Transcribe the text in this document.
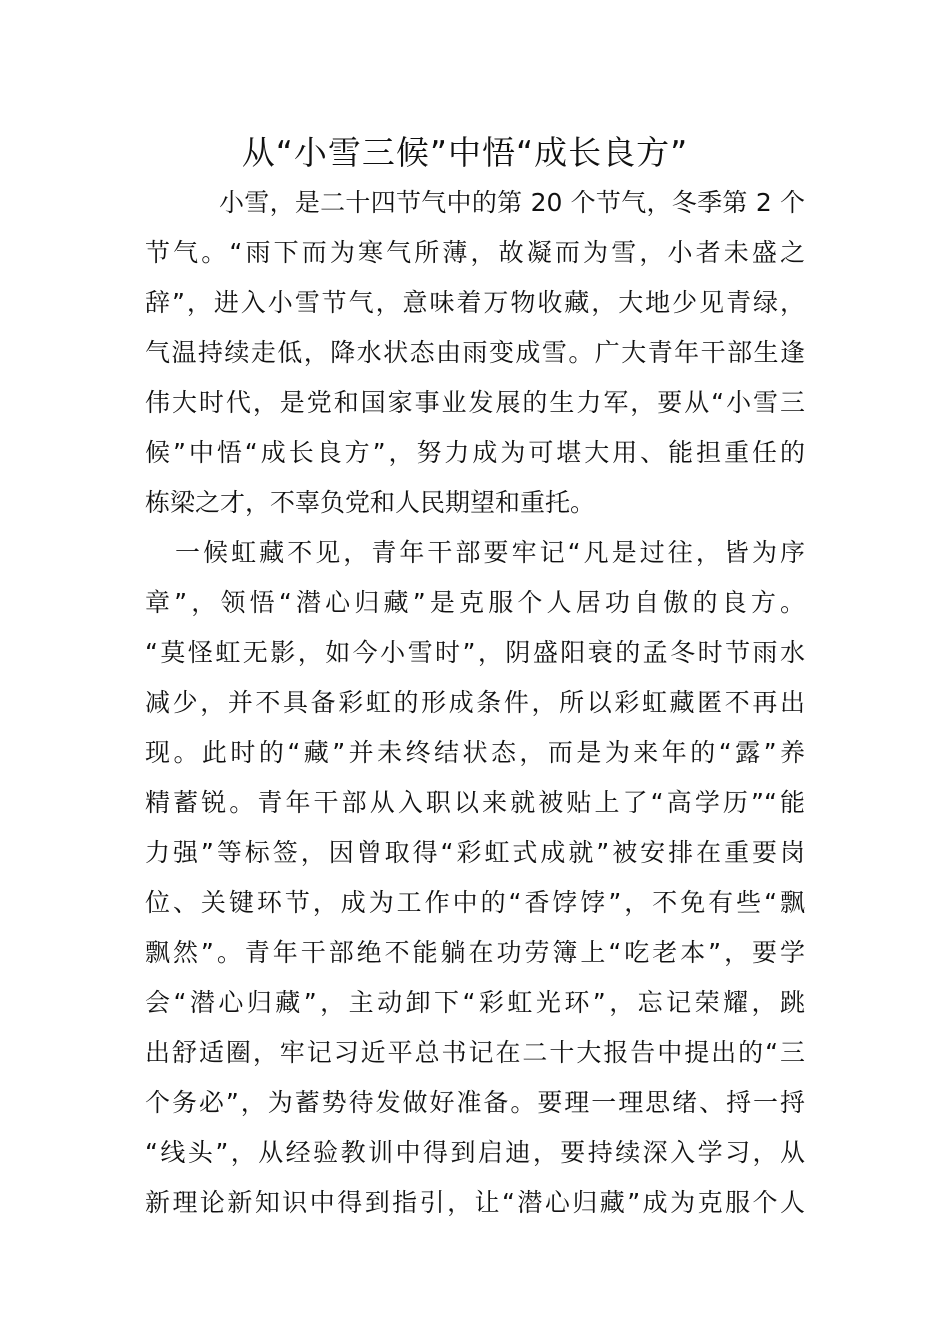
从“小雪三候”中悟“成长良方”
小雪，是二十四节气中的第 20 个节气，冬季第 2 个
节气。“雨下而为寒气所薄，故凝而为雪，小者未盛之
辞”，进入小雪节气，意味着万物收藏，大地少见青绿，
气温持续走低，降水状态由雨变成雪。广大青年干部生逢
伟大时代，是党和国家事业发展的生力军，要从“小雪三
候”中悟“成长良方”，努力成为可堪大用、能担重任的
栋梁之才，不辜负党和人民期望和重托。
一候虹藏不见，青年干部要牢记“凡是过往，皆为序
章”，领悟“潜心归藏”是克服个人居功自傲的良方。
“莫怪虹无影，如今小雪时”，阴盛阳衰的孟冬时节雨水
减少，并不具备彩虹的形成条件，所以彩虹藏匿不再出
现。此时的“藏”并未终结状态，而是为来年的“露”养
精蓄锐。青年干部从入职以来就被贴上了“高学历”“能
力强”等标签，因曾取得“彩虹式成就”被安排在重要岗
位、关键环节，成为工作中的“香饽饽”，不免有些“飘
飘然”。青年干部绝不能躺在功劳簿上“吃老本”，要学
会“潜心归藏”，主动卸下“彩虹光环”，忘记荣耀，跳
出舒适圈，牢记习近平总书记在二十大报告中提出的“三
个务必”，为蓄势待发做好准备。要理一理思绪、捋一捋
“线头”，从经验教训中得到启迪，要持续深入学习，从
新理论新知识中得到指引，让“潜心归藏”成为克服个人
